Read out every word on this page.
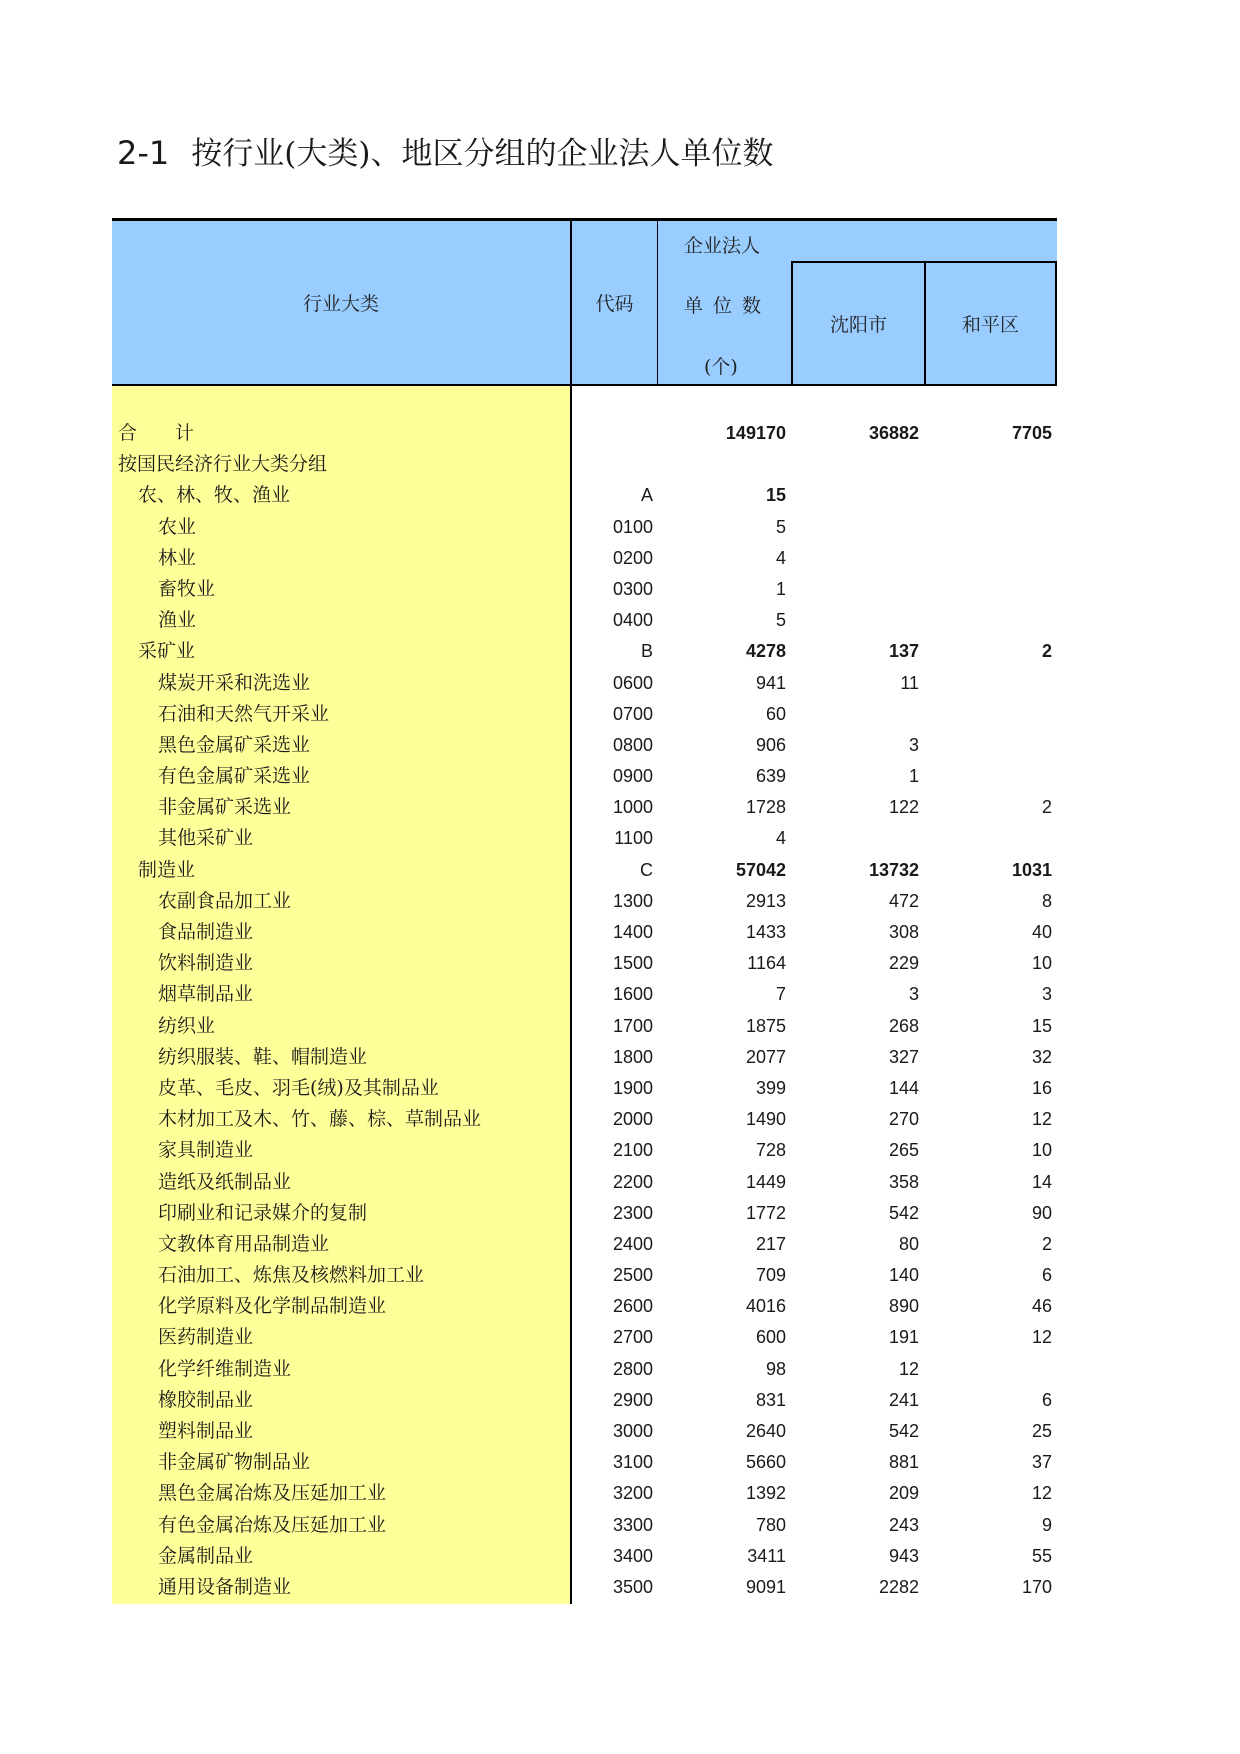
2-1 按行业(大类)、地区分组的企业法人单位数
行业大类	代码
企业法人
单位数
(个)
沈阳市	和平区
合　　计	149170	36882	7705
按国民经济行业大类分组
农、林、牧、渔业	A	15
农业	0100	5
林业	0200	4
畜牧业	0300	1
渔业	0400	5
采矿业	B	4278	137	2
煤炭开采和洗选业	0600	941	11
石油和天然气开采业	0700	60
黑色金属矿采选业	0800	906	3
有色金属矿采选业	0900	639	1
非金属矿采选业	1000	1728	122	2
其他采矿业	1100	4
制造业	C	57042	13732	1031
农副食品加工业	1300	2913	472	8
食品制造业	1400	1433	308	40
饮料制造业	1500	1164	229	10
烟草制品业	1600	7	3	3
纺织业	1700	1875	268	15
纺织服装、鞋、帽制造业	1800	2077	327	32
皮革、毛皮、羽毛(绒)及其制品业	1900	399	144	16
木材加工及木、竹、藤、棕、草制品业	2000	1490	270	12
家具制造业	2100	728	265	10
造纸及纸制品业	2200	1449	358	14
印刷业和记录媒介的复制	2300	1772	542	90
文教体育用品制造业	2400	217	80	2
石油加工、炼焦及核燃料加工业	2500	709	140	6
化学原料及化学制品制造业	2600	4016	890	46
医药制造业	2700	600	191	12
化学纤维制造业	2800	98	12
橡胶制品业	2900	831	241	6
塑料制品业	3000	2640	542	25
非金属矿物制品业	3100	5660	881	37
黑色金属冶炼及压延加工业	3200	1392	209	12
有色金属冶炼及压延加工业	3300	780	243	9
金属制品业	3400	3411	943	55
通用设备制造业	3500	9091	2282	170
